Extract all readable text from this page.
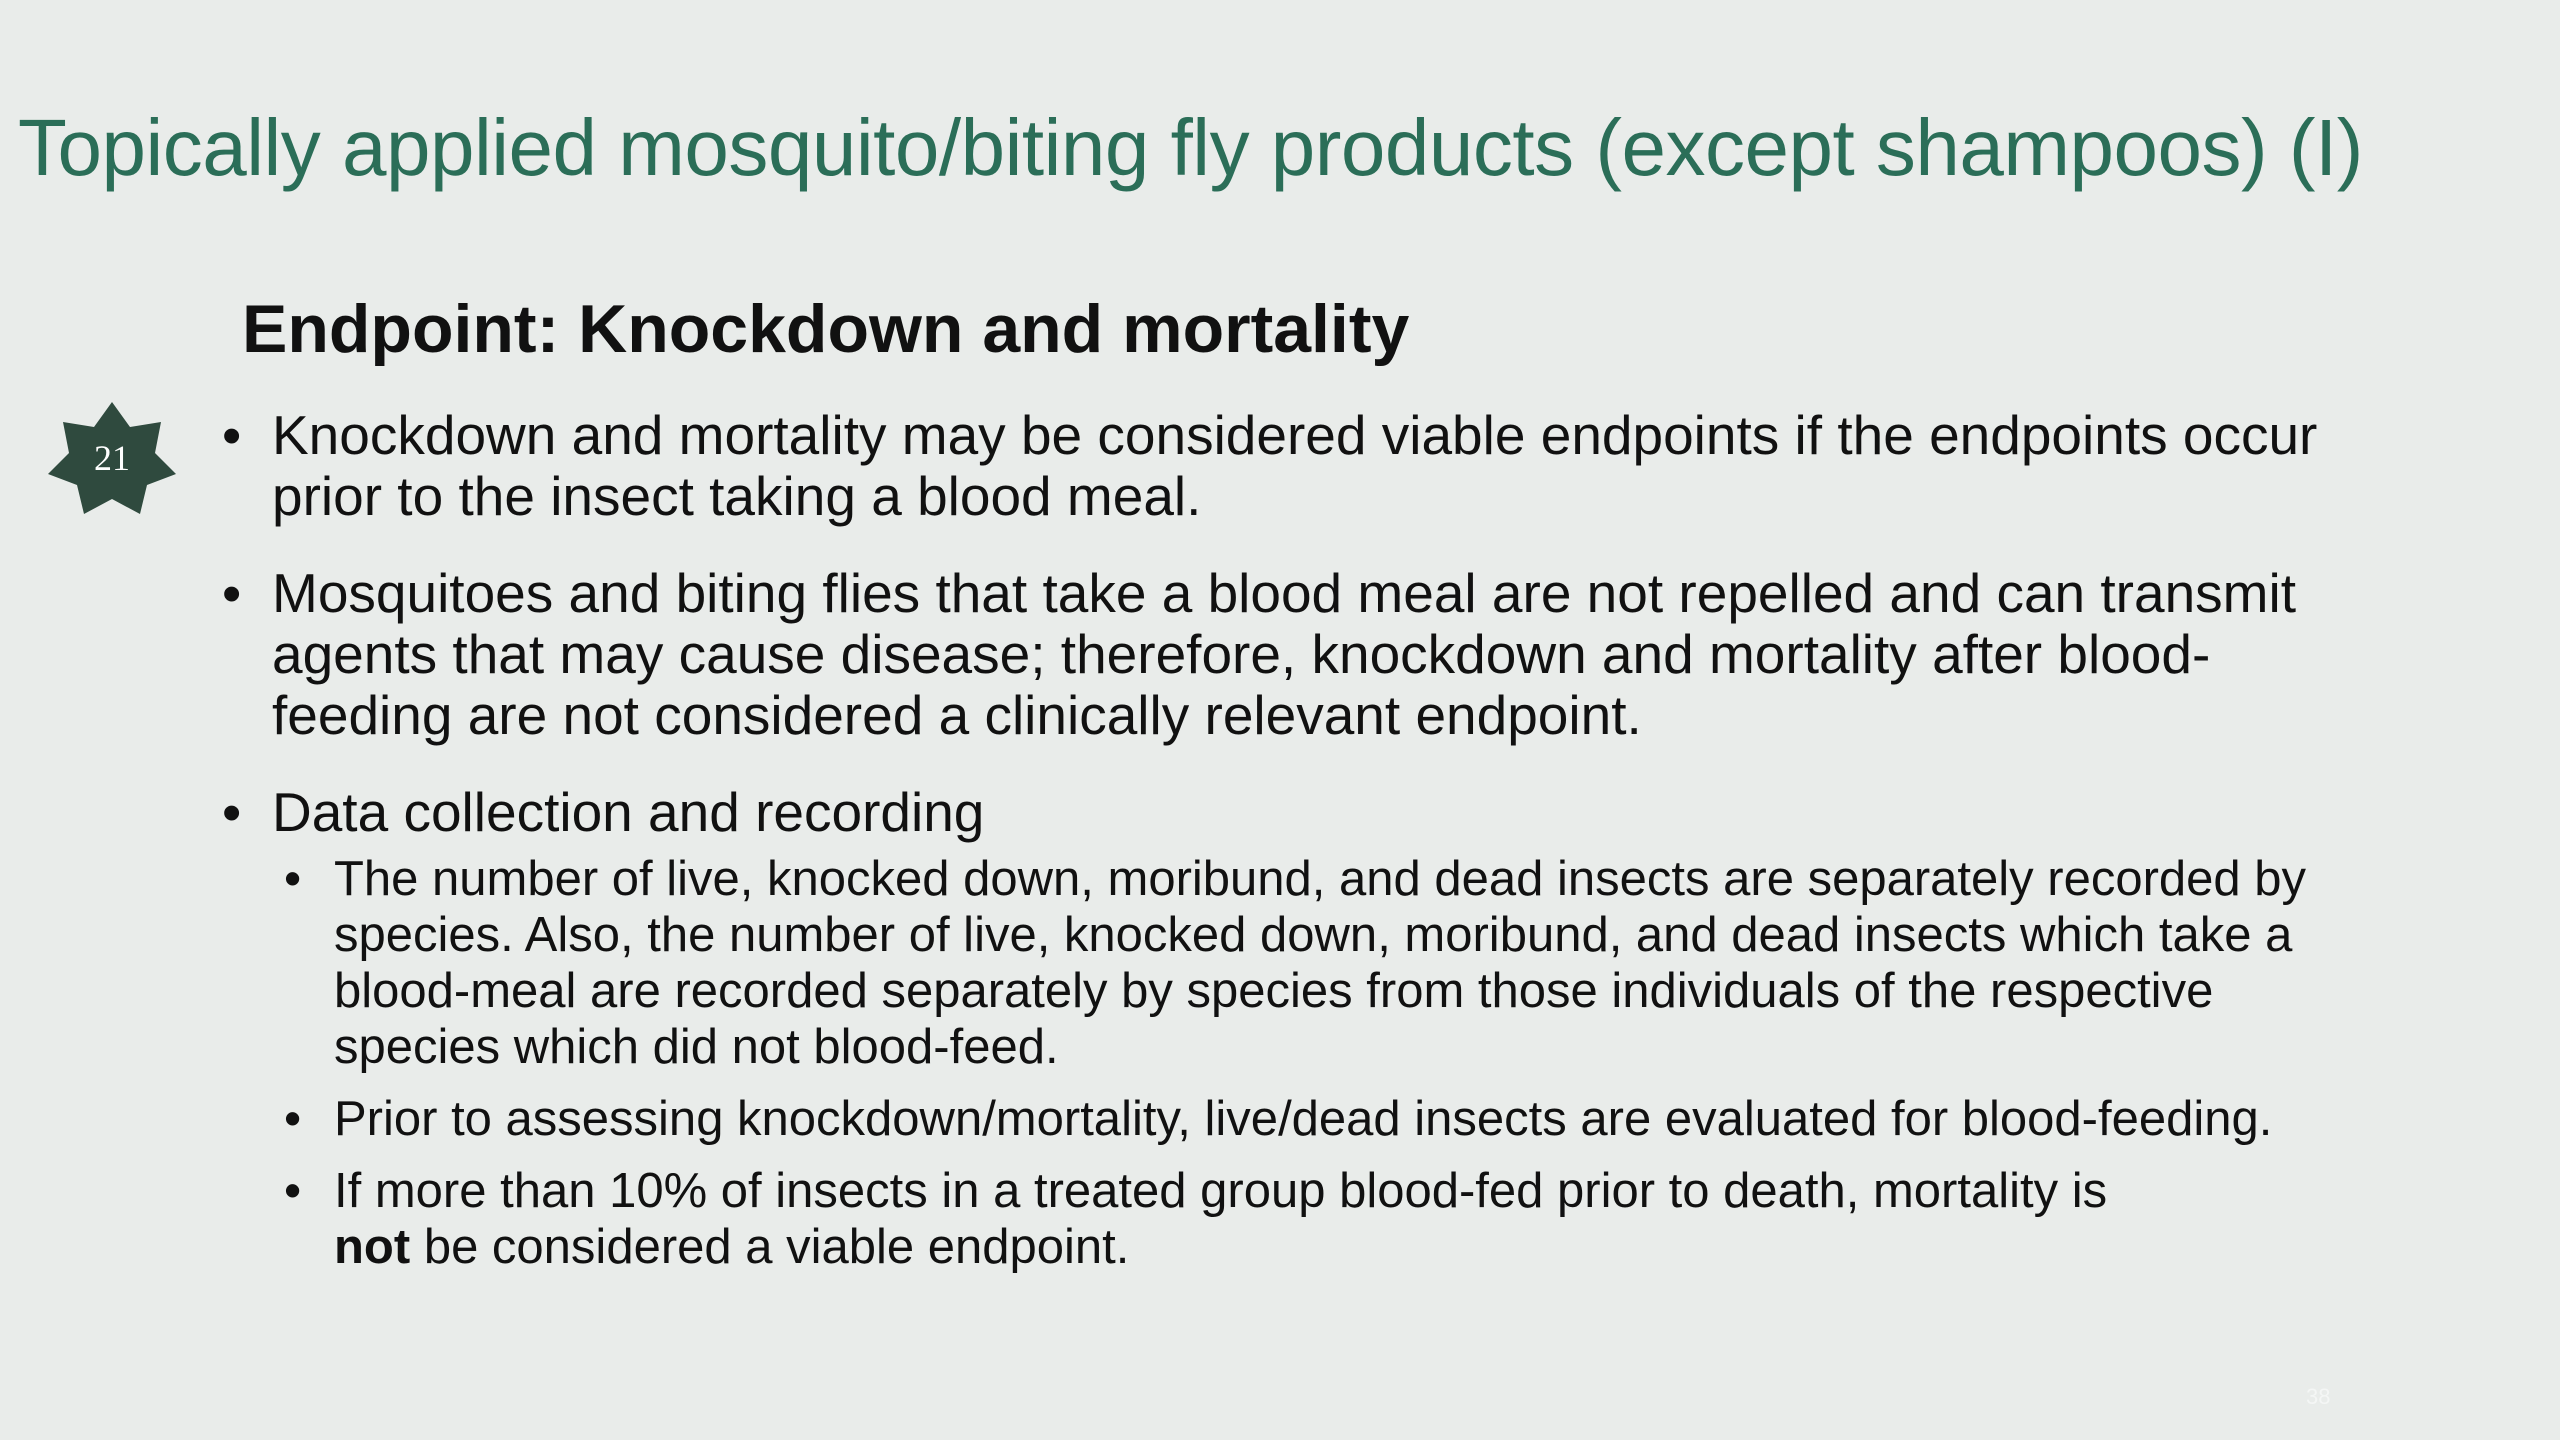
Topically applied mosquito/biting fly products (except shampoos) (I)
Endpoint: Knockdown and mortality
21	• Knockdown and mortality may be considered viable endpoints if the endpoints occur prior to the insect taking a blood meal.
• Mosquitoes and biting flies that take a blood meal are not repelled and can transmit agents that may cause disease; therefore, knockdown and mortality after blood-feeding are not considered a clinically relevant endpoint.
• Data collection and recording
• The number of live, knocked down, moribund, and dead insects are separately recorded by species. Also, the number of live, knocked down, moribund, and dead insects which take a blood-meal are recorded separately by species from those individuals of the respective species which did not blood-feed.
• Prior to assessing knockdown/mortality, live/dead insects are evaluated for blood-feeding.
• If more than 10% of insects in a treated group blood-fed prior to death, mortality is
not be considered a viable endpoint.
38
